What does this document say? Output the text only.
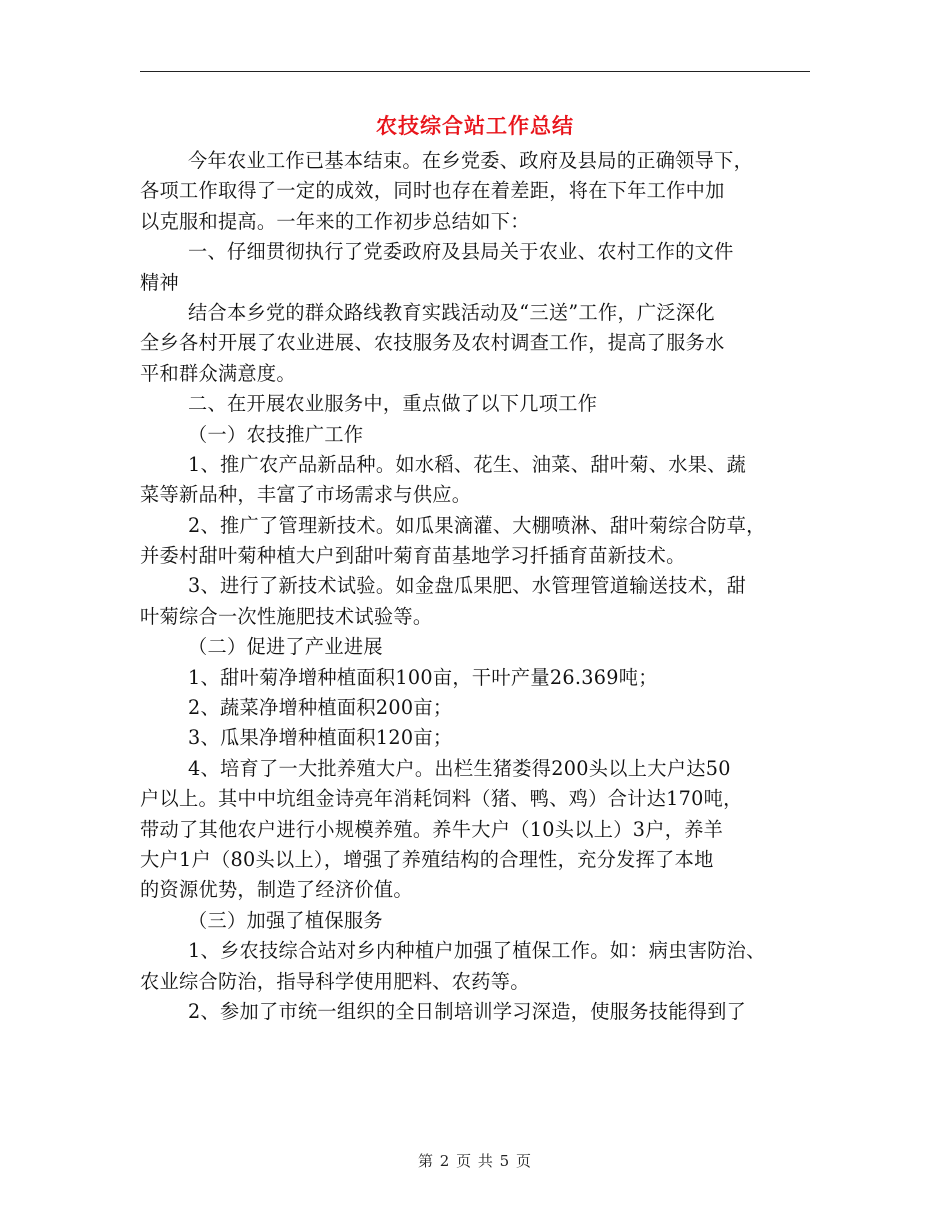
农技综合站工作总结
今年农业工作已基本结束。在乡党委、政府及县局的正确领导下，
各项工作取得了一定的成效，同时也存在着差距，将在下年工作中加
以克服和提高。一年来的工作初步总结如下：
一、仔细贯彻执行了党委政府及县局关于农业、农村工作的文件
精神
结合本乡党的群众路线教育实践活动及“三送”工作，广泛深化
全乡各村开展了农业进展、农技服务及农村调查工作，提高了服务水
平和群众满意度。
二、在开展农业服务中，重点做了以下几项工作
（一）农技推广工作
1、推广农产品新品种。如水稻、花生、油菜、甜叶菊、水果、蔬
菜等新品种，丰富了市场需求与供应。
2、推广了管理新技术。如瓜果滴灌、大棚喷淋、甜叶菊综合防草，
并委村甜叶菊种植大户到甜叶菊育苗基地学习扦插育苗新技术。
3、进行了新技术试验。如金盘瓜果肥、水管理管道输送技术，甜
叶菊综合一次性施肥技术试验等。
（二）促进了产业进展
1、甜叶菊净增种植面积100亩，干叶产量26.369吨；
2、蔬菜净增种植面积200亩；
3、瓜果净增种植面积120亩；
4、培育了一大批养殖大户。出栏生猪娄得200头以上大户达50
户以上。其中中坑组金诗亮年消耗饲料（猪、鸭、鸡）合计达170吨，
带动了其他农户进行小规模养殖。养牛大户（10头以上）3户，养羊
大户1户（80头以上），增强了养殖结构的合理性，充分发挥了本地
的资源优势，制造了经济价值。
（三）加强了植保服务
1、乡农技综合站对乡内种植户加强了植保工作。如：病虫害防治、
农业综合防治，指导科学使用肥料、农药等。
2、参加了市统一组织的全日制培训学习深造，使服务技能得到了
第 2 页 共 5 页
